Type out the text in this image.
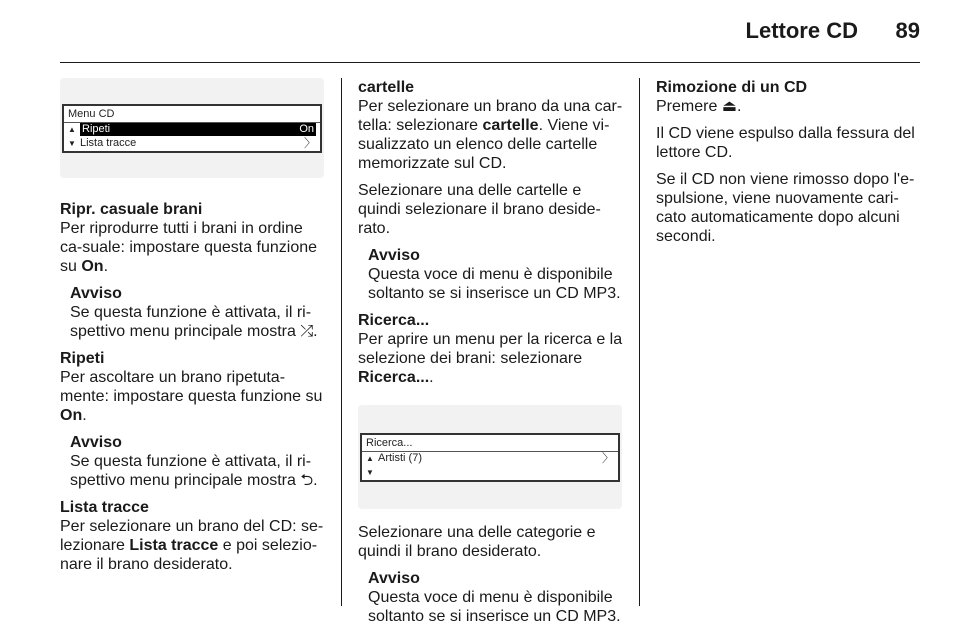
Lettore CD 89
Menu CD
▲ Ripeti	On
▼ Lista tracce	〉

Ripr. casuale brani
Per riprodurre tutti i brani in ordine ca-suale: impostare questa funzione su On.

Avviso
Se questa funzione è attivata, il ri-spettivo menu principale mostra ⤮.

Ripeti
Per ascoltare un brano ripetuta-mente: impostare questa funzione su On.

Avviso
Se questa funzione è attivata, il ri-spettivo menu principale mostra ⮌.

Lista tracce
Per selezionare un brano del CD: se-lezionare Lista tracce e poi selezio-nare il brano desiderato.

cartelle
Per selezionare un brano da una car-tella: selezionare cartelle. Viene vi-sualizzato un elenco delle cartelle memorizzate sul CD.

Selezionare una delle cartelle e quindi selezionare il brano deside-rato.

Avviso
Questa voce di menu è disponibile soltanto se si inserisce un CD MP3.

Ricerca...
Per aprire un menu per la ricerca e la selezione dei brani: selezionare Ricerca....

Ricerca...
▲ Artisti (7)	〉
▼ Album (15) 〉

Selezionare una delle categorie e quindi il brano desiderato.

Avviso
Questa voce di menu è disponibile soltanto se si inserisce un CD MP3.

Rimozione di un CD
Premere ⏏.

Il CD viene espulso dalla fessura del lettore CD.

Se il CD non viene rimosso dopo l'e-spulsione, viene nuovamente cari-cato automaticamente dopo alcuni secondi.
